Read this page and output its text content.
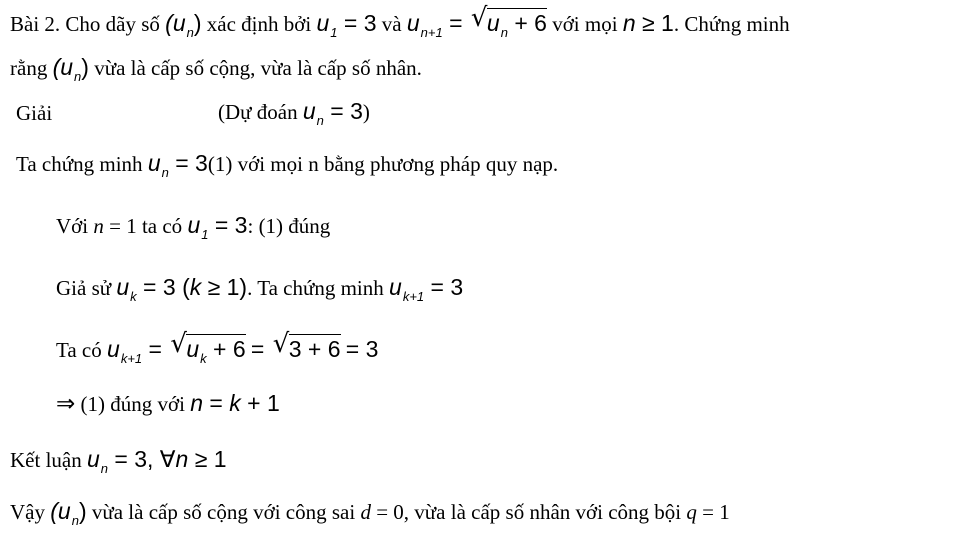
Bài 2. Cho dãy số $(u_n)$ xác định bởi $u_1 = 3$ và $u_{n+1}$ = √ $u_n + 6$ với mọi n ≥ 1. Chứng minh
rằng $(u_n)$ vừa là cấp số cộng, vừa là cấp số nhân.
Giải	(Dự đoán $u_n = 3$)
Ta chứng minh $u_n = 3(1)$ với mọi n bằng phương pháp quy nạp.
Với n = 1 ta có $u_1 = 3$: (1) đúng
Giả sử $u_k = 3$ (k ≥ 1). Ta chứng minh $u_{k+1} = 3$
Ta có $u_{k+1}$ = √ $u_k + 6$ = √ 3 + 6 = 3
⇒ (1) đúng với n = k + 1
Kết luận $u_n = 3$, ∀n ≥ 1
Vậy $(u_n)$ vừa là cấp số cộng với công sai d = 0, vừa là cấp số nhân với công bội q = 1
